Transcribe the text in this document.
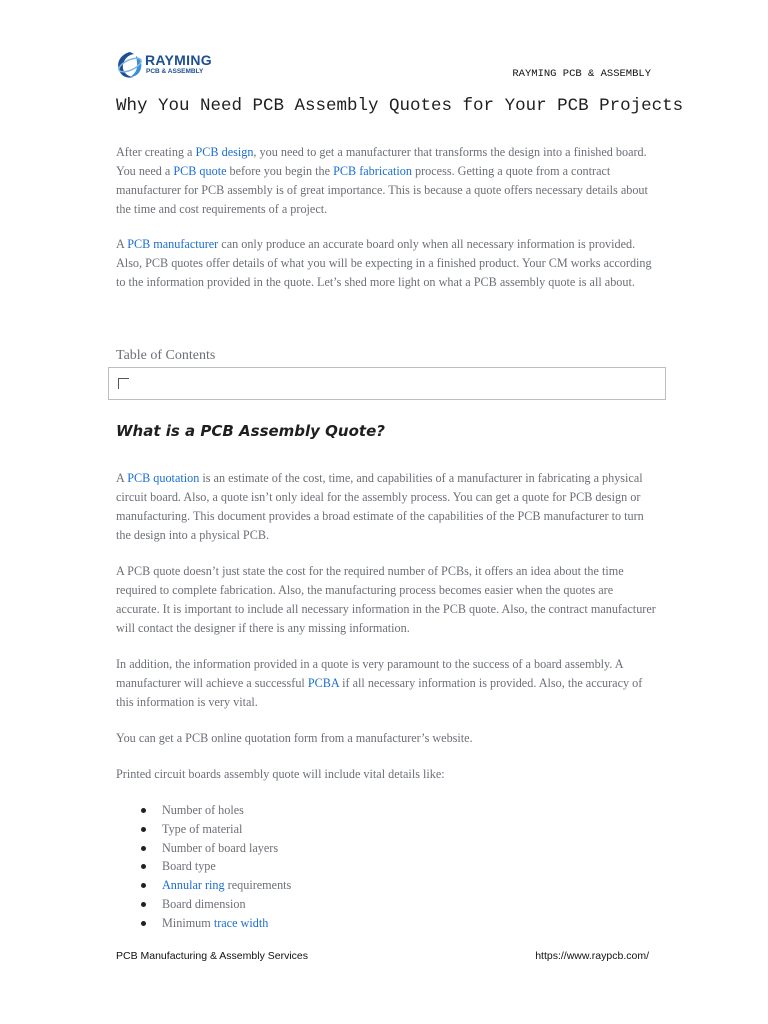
RAYMING
PCB & ASSEMBLY	RAYMING PCB & ASSEMBLY
Why You Need PCB Assembly Quotes for Your PCB Projects

After creating a PCB design, you need to get a manufacturer that transforms the design into a finished board. You need a PCB quote before you begin the PCB fabrication process. Getting a quote from a contract manufacturer for PCB assembly is of great importance. This is because a quote offers necessary details about the time and cost requirements of a project.

A PCB manufacturer can only produce an accurate board only when all necessary information is provided. Also, PCB quotes offer details of what you will be expecting in a finished product. Your CM works according to the information provided in the quote. Let’s shed more light on what a PCB assembly quote is all about.

Table of Contents
What is a PCB Assembly Quote?

A PCB quotation is an estimate of the cost, time, and capabilities of a manufacturer in fabricating a physical circuit board. Also, a quote isn’t only ideal for the assembly process. You can get a quote for PCB design or manufacturing. This document provides a broad estimate of the capabilities of the PCB manufacturer to turn the design into a physical PCB.

A PCB quote doesn’t just state the cost for the required number of PCBs, it offers an idea about the time required to complete fabrication. Also, the manufacturing process becomes easier when the quotes are accurate. It is important to include all necessary information in the PCB quote. Also, the contract manufacturer will contact the designer if there is any missing information.

In addition, the information provided in a quote is very paramount to the success of a board assembly. A manufacturer will achieve a successful PCBA if all necessary information is provided. Also, the accuracy of this information is very vital.

You can get a PCB online quotation form from a manufacturer’s website.

Printed circuit boards assembly quote will include vital details like:

Number of holes
Type of material
Number of board layers
Board type
Annular ring requirements
Board dimension
Minimum trace width
PCB Manufacturing & Assembly Services	https://www.raypcb.com/
